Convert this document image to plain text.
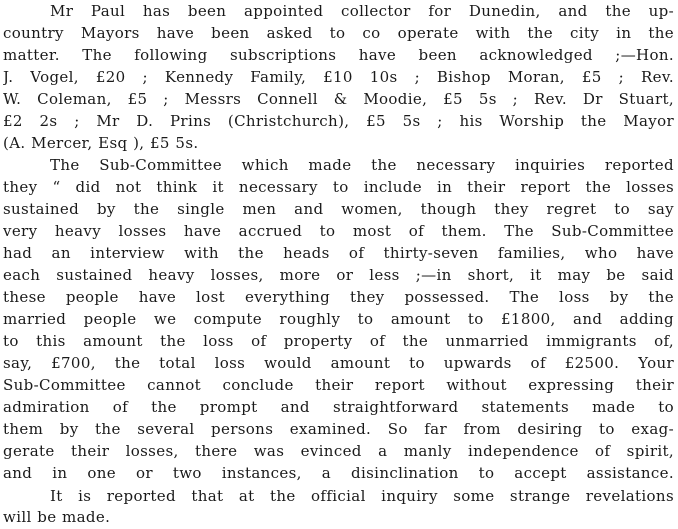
Mr Paul has been appointed collector for Dunedin, and the up-
country Mayors have been asked to co operate with the city in the
matter. The following subscriptions have been acknowledged ;—Hon.
J. Vogel, £20 ; Kennedy Family, £10 10s ; Bishop Moran, £5 ; Rev.
W. Coleman, £5 ; Messrs Connell & Moodie, £5 5s ; Rev. Dr Stuart,
£2 2s ; Mr D. Prins (Christchurch), £5 5s ; his Worship the Mayor
(A. Mercer, Esq ), £5 5s.
The Sub-Committee which made the necessary inquiries reported
they “ did not think it necessary to include in their report the losses
sustained by the single men and women, though they regret to say
very heavy losses have accrued to most of them. The Sub-Committee
had an interview with the heads of thirty-seven families, who have
each sustained heavy losses, more or less ;—in short, it may be said
these people have lost everything they possessed. The loss by the
married people we compute roughly to amount to £1800, and adding
to this amount the loss of property of the unmarried immigrants of,
say, £700, the total loss would amount to upwards of £2500. Your
Sub-Committee cannot conclude their report without expressing their
admiration of the prompt and straightforward statements made to
them by the several persons examined. So far from desiring to exag-
gerate their losses, there was evinced a manly independence of spirit,
and in one or two instances, a disinclination to accept assistance.
It is reported that at the official inquiry some strange revelations
will be made.
